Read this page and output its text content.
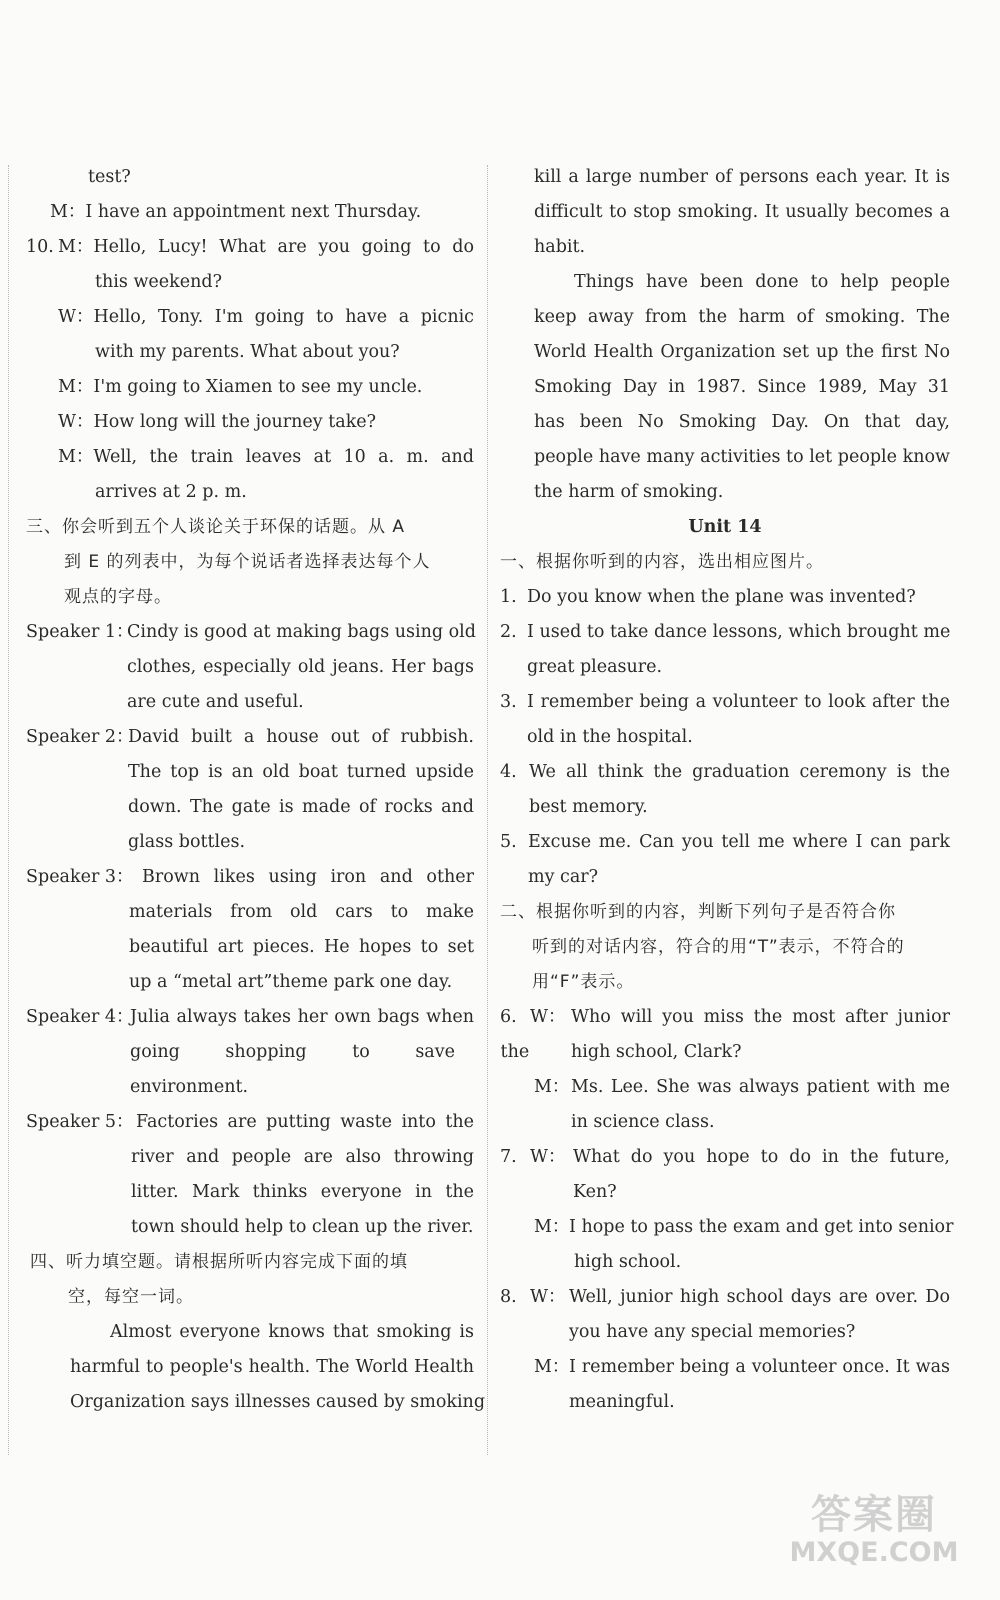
test?
M： I have an appointment next Thursday.
10. M： Hello, Lucy! What are you going to do
this weekend?
W： Hello, Tony. I'm going to have a picnic
with my parents. What about you?
M： I'm going to Xiamen to see my uncle.
W： How long will the journey take?
M： Well, the train leaves at 10 a. m. and
arrives at 2 p. m.
三、你会听到五个人谈论关于环保的话题。从 A
到 E 的列表中，为每个说话者选择表达每个人
观点的字母。
Speaker 1：
Cindy is good at making bags using old
clothes, especially old jeans. Her bags
are cute and useful.
Speaker 2：
David built a house out of rubbish.
The top is an old boat turned upside
down. The gate is made of rocks and
glass bottles.
Speaker 3： Brown likes using iron and other
materials from old cars to make
beautiful art pieces. He hopes to set
up a “metal art”theme park one day.
Speaker 4：
Julia always takes her own bags when
going shopping to save the
environment.
Speaker 5： Factories are putting waste into the
river and people are also throwing
litter. Mark thinks everyone in the
town should help to clean up the river.
四、听力填空题。请根据所听内容完成下面的填
空，每空一词。
Almost everyone knows that smoking is
harmful to people's health. The World Health
Organization says illnesses caused by smoking
kill a large number of persons each year. It is
difficult to stop smoking. It usually becomes a
habit.
Things have been done to help people
keep away from the harm of smoking. The
World Health Organization set up the first No
Smoking Day in 1987. Since 1989, May 31
has been No Smoking Day. On that day,
people have many activities to let people know
the harm of smoking.
Unit 14
一、根据你听到的内容，选出相应图片。
1. Do you know when the plane was invented?
2. I used to take dance lessons, which brought me
great pleasure.
3. I remember being a volunteer to look after the
old in the hospital.
4. We all think the graduation ceremony is the
best memory.
5. Excuse me. Can you tell me where I can park
my car?
二、根据你听到的内容，判断下列句子是否符合你
听到的对话内容，符合的用“T”表示，不符合的
用“F”表示。
6. W： Who will you miss the most after junior
high school, Clark?
M： Ms. Lee. She was always patient with me
in science class.
7. W： What do you hope to do in the future,
Ken?
M： I hope to pass the exam and get into senior
high school.
8. W： Well, junior high school days are over. Do
you have any special memories?
M： I remember being a volunteer once. It was
meaningful.
答案圈
MXQE.COM
